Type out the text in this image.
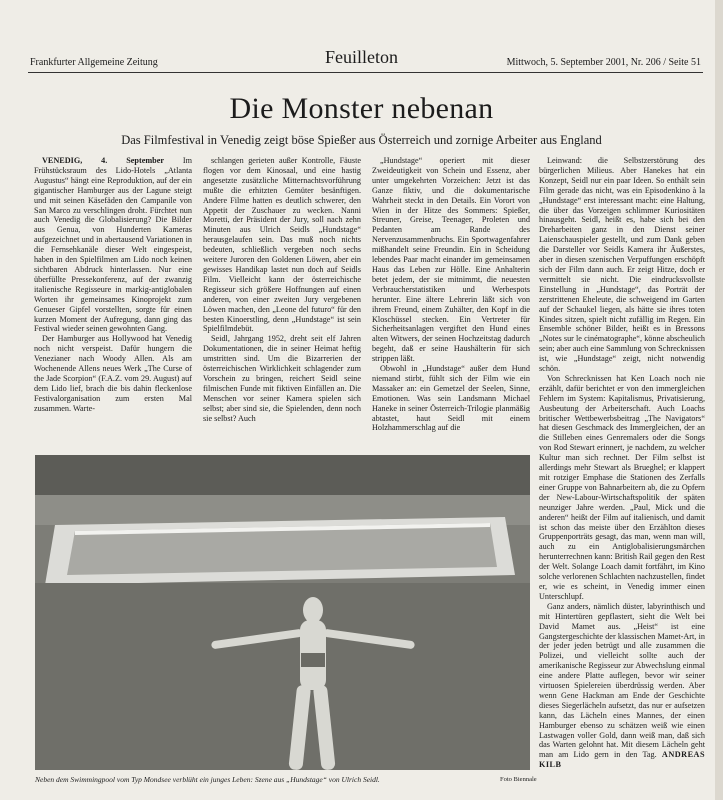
Frankfurter Allgemeine Zeitung	Feuilleton	Mittwoch, 5. September 2001, Nr. 206 / Seite 51
Die Monster nebenan
Das Filmfestival in Venedig zeigt böse Spießer aus Österreich und zornige Arbeiter aus England

VENEDIG, 4. September Im Frühstücksraum des Lido-Hotels „Atlanta Augustus“ hängt eine Reproduktion, auf der ein gigantischer Hamburger aus der Lagune steigt und mit seinen Käsefäden den Campanile von San Marco zu verschlingen droht. Fürchtet nun auch Venedig die Globalisierung? Die Bilder aus Genua, von Hunderten Kameras aufgezeichnet und in abertausend Variationen in die Fernsehkanäle dieser Welt eingespeist, haben in den Spielfilmen am Lido noch keinen sichtbaren Abdruck hinterlassen. Nur eine überfüllte Pressekonferenz, auf der zwanzig italienische Regisseure in markig-antiglobalen Worten ihr gemeinsames Kinoprojekt zum Genueser Gipfel vorstellten, sorgte für einen kurzen Moment der Aufregung, dann ging das Festival wieder seinen gewohnten Gang.

Der Hamburger aus Hollywood hat Venedig noch nicht verspeist. Dafür hungern die Venezianer nach Woody Allen. Als am Wochenende Allens neues Werk „The Curse of the Jade Scorpion“ (F.A.Z. vom 29. August) auf dem Lido lief, brach die bis dahin fleckenlose Festivalorganisation zum ersten Mal zusammen. Warte-

schlangen gerieten außer Kontrolle, Fäuste flogen vor dem Kinosaal, und eine hastig angesetzte zusätzliche Mitternachtsvorführung mußte die erhitzten Gemüter besänftigen. Andere Filme hatten es deutlich schwerer, den Appetit der Zuschauer zu wecken. Nanni Moretti, der Präsident der Jury, soll nach zehn Minuten aus Ulrich Seidls „Hundstage“ herausgelaufen sein. Das muß noch nichts bedeuten, schließlich vergeben noch sechs weitere Juroren den Goldenen Löwen, aber ein gewisses Handikap lastet nun doch auf Seidls Film. Vielleicht kann der österreichische Regisseur sich größere Hoffnungen auf einen anderen, von einer zweiten Jury vergebenen Löwen machen, den „Leone del futuro“ für den besten Kinoerstling, denn „Hundstage“ ist sein Spielfilmdebüt.

Seidl, Jahrgang 1952, dreht seit elf Jahren Dokumentationen, die in seiner Heimat heftig umstritten sind. Um die Bizarrerien der österreichischen Wirklichkeit schlagender zum Vorschein zu bringen, reichert Seidl seine filmischen Funde mit fiktiven Einfällen an. Die Menschen vor seiner Kamera spielen sich selbst; aber sind sie, die Spielenden, denn noch sie selbst? Auch

„Hundstage“ operiert mit dieser Zweideutigkeit von Schein und Essenz, aber unter umgekehrten Vorzeichen: Jetzt ist das Ganze fiktiv, und die dokumentarische Wahrheit steckt in den Details. Ein Vorort von Wien in der Hitze des Sommers: Spießer, Streuner, Greise, Teenager, Proleten und Pedanten am Rande des Nervenzusammenbruchs. Ein Sportwagenfahrer mißhandelt seine Freundin. Ein in Scheidung lebendes Paar macht einander im gemeinsamen Haus das Leben zur Hölle. Eine Anhalterin betet jedem, der sie mitnimmt, die neuesten Verbraucherstatistiken und Werbespots herunter. Eine ältere Lehrerin läßt sich von ihrem Freund, einem Zuhälter, den Kopf in die Kloschüssel stecken. Ein Vertreter für Sicherheitsanlagen vergiftet den Hund eines alten Witwers, der seinen Hochzeitstag dadurch begeht, daß er seine Haushälterin für sich strippen läßt.

Obwohl in „Hundstage“ außer dem Hund niemand stirbt, fühlt sich der Film wie ein Massaker an: ein Gemetzel der Seelen, Sinne, Emotionen. Was sein Landsmann Michael Haneke in seiner Österreich-Trilogie planmäßig abtastet, haut Seidl mit einem Holzhammerschlag auf die

Leinwand: die Selbstzerstörung des bürgerlichen Milieus. Aber Hanekes hat ein Konzept, Seidl nur ein paar Ideen. So enthält sein Film gerade das nicht, was ein Episodenkino à la „Hundstage“ erst interessant macht: eine Haltung, die über das Vorzeigen schlimmer Kuriositäten hinausgeht. Seidl, heißt es, habe sich bei den Dreharbeiten ganz in den Dienst seiner Laienschauspieler gestellt, und zum Dank geben die Darsteller vor Seidls Kamera ihr Äußerstes, aber in diesen szenischen Verpuffungen erschöpft sich der Film dann auch. Er zeigt Hitze, doch er vermittelt sie nicht. Die eindrucksvollste Einstellung in „Hundstage“, das Porträt der zerstrittenen Eheleute, die schweigend im Garten auf der Schaukel liegen, als hätte sie ihres toten Kindes sitzen, spielt nicht zufällig im Regen. Ein Ensemble schöner Bilder, heißt es in Bressons „Notes sur le cinématographe“, könne abscheulich sein; aber auch eine Sammlung von Schrecknissen ist, wie „Hundstage“ zeigt, nicht notwendig schön.

Von Schrecknissen hat Ken Loach noch nie erzählt, dafür berichtet er von den immergleichen Fehlern im System: Kapitalismus, Privatisierung, Ausbeutung der Arbeiterschaft. Auch Loachs britischer Wettbewerbsbeitrag „The Navigators“ hat diesen Geschmack des Immergleichen, der an die Stilleben eines Genremalers oder die Songs von Rod Stewart erinnert, je nachdem, zu welcher Kultur man sich rechnet. Der Film selbst ist allerdings mehr Stewart als Brueghel; er klappert mit rotziger Emphase die Stationen des Zerfalls einer Gruppe von Bahnarbeitern ab, die zu Opfern der New-Labour-Wirtschaftspolitik der späten neunziger Jahre werden. „Paul, Mick und die anderen“ heißt der Film auf italienisch, und damit ist schon das meiste über den Erzählton dieses Gruppenporträts gesagt, das man, wenn man will, auch zu ein Antiglobalisierungsmärchen herunterrechnen kann: British Rail gegen den Rest der Welt. Solange Loach damit fortfährt, im Kino solche verlorenen Schlachten nachzustellen, findet er, wie es scheint, in Venedig immer einen Unterschlupf.

Ganz anders, nämlich düster, labyrinthisch und mit Hintertüren gepflastert, sieht die Welt bei David Mamet aus. „Heist“ ist eine Gangstergeschichte der klassischen Mamet-Art, in der jeder jeden betrügt und alle zusammen die Polizei, und vielleicht sollte auch der amerikanische Regisseur zur Abwechslung einmal eine andere Platte auflegen, bevor wir seiner virtuosen Spielereien überdrüssig werden. Aber wenn Gene Hackman am Ende der Geschichte dieses Siegerlächeln aufsetzt, das nur er aufsetzen kann, das Lächeln eines Mannes, der einen Hamburger ebenso zu schätzen weiß wie einen Lastwagen voller Gold, dann weiß man, daß sich das Warten gelohnt hat. Mit diesem Lächeln geht man am Lido gern in den Tag. ANDREAS KILB

Neben dem Swimmingpool vom Typ Mondsee verblüht ein junges Leben: Szene aus „Hundstage“ von Ulrich Seidl.	Foto Biennale
